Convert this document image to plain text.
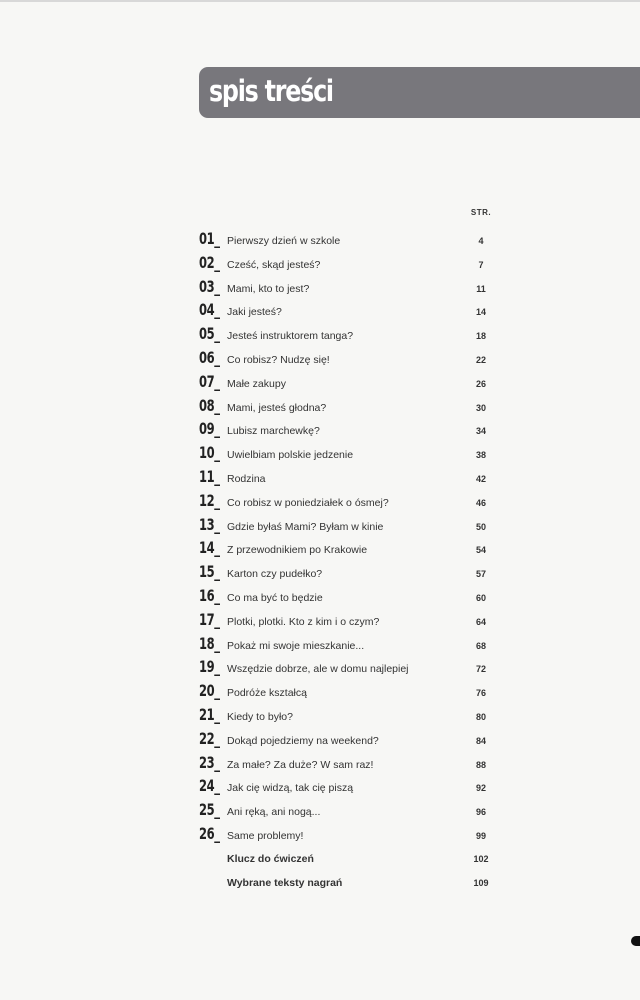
spis treści
STR.
01 _	Pierwszy dzień w szkole	4
02 _	Cześć, skąd jesteś?	7
03 _	Mami, kto to jest?	11
04 _	Jaki jesteś?	14
05 _	Jesteś instruktorem tanga?	18
06 _	Co robisz? Nudzę się!	22
07 _	Małe zakupy	26
08 _	Mami, jesteś głodna?	30
09 _	Lubisz marchewkę?	34
10 _	Uwielbiam polskie jedzenie	38
11 _	Rodzina	42
12 _	Co robisz w poniedziałek o ósmej?	46
13 _	Gdzie byłaś Mami? Byłam w kinie	50
14 _	Z przewodnikiem po Krakowie	54
15 _	Karton czy pudełko?	57
16 _	Co ma być to będzie	60
17 _	Plotki, plotki. Kto z kim i o czym?	64
18 _	Pokaż mi swoje mieszkanie...	68
19 _	Wszędzie dobrze, ale w domu najlepiej	72
20 _	Podróże kształcą	76
21 _	Kiedy to było?	80
22 _	Dokąd pojedziemy na weekend?	84
23 _	Za małe? Za duże? W sam raz!	88
24 _	Jak cię widzą, tak cię piszą	92
25 _	Ani ręką, ani nogą...	96
26 _	Same problemy!	99
Klucz do ćwiczeń	102
Wybrane teksty nagrań	109
